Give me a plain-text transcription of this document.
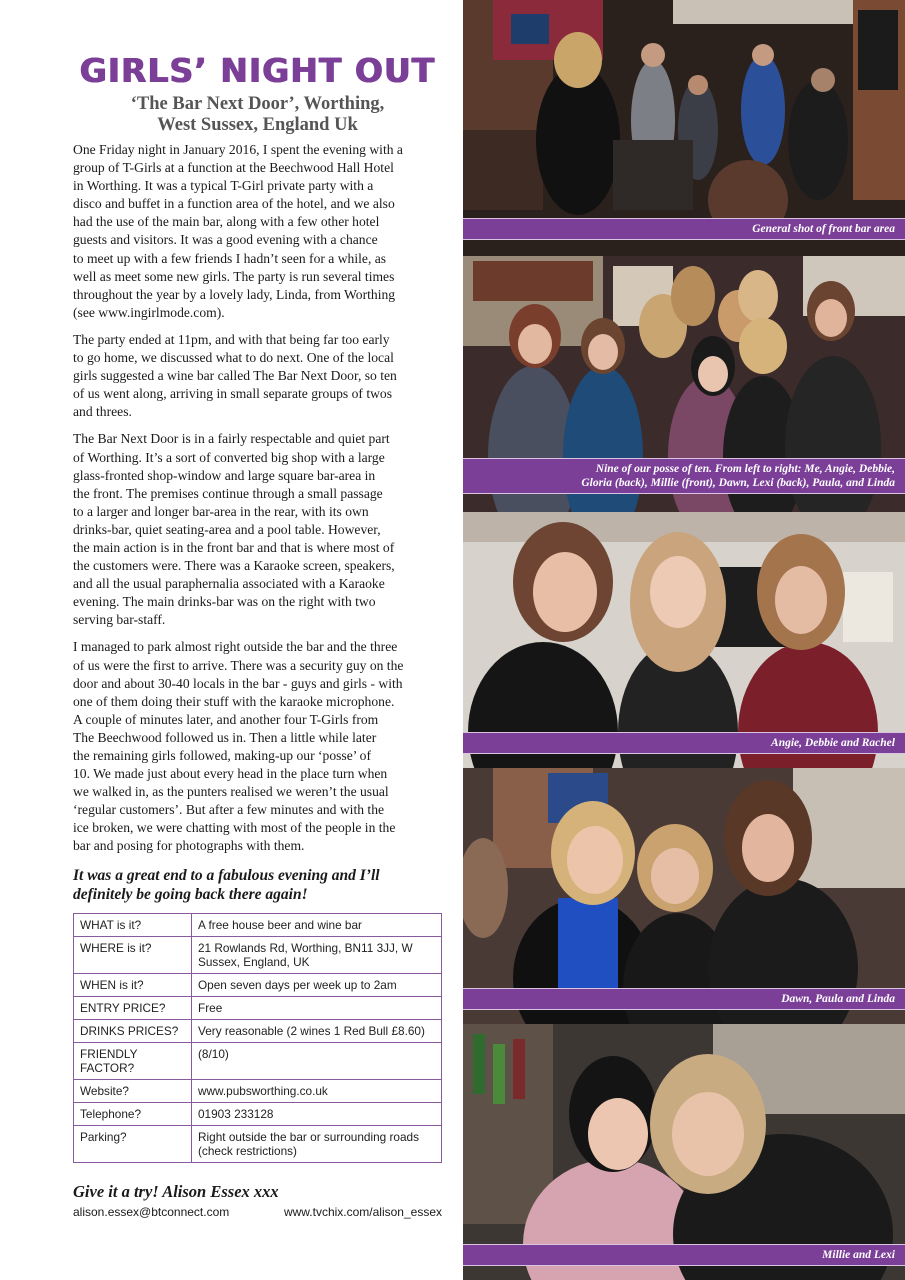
GIRLS’ NIGHT OUT
‘The Bar Next Door’, Worthing,
West Sussex, England Uk

One Friday night in January 2016, I spent the evening with a
group of T-Girls at a function at the Beechwood Hall Hotel
in Worthing. It was a typical T-Girl private party with a
disco and buffet in a function area of the hotel, and we also
had the use of the main bar, along with a few other hotel
guests and visitors. It was a good evening with a chance
to meet up with a few friends I hadn’t seen for a while, as
well as meet some new girls. The party is run several times
throughout the year by a lovely lady, Linda, from Worthing
(see www.ingirlmode.com).

The party ended at 11pm, and with that being far too early
to go home, we discussed what to do next. One of the local
girls suggested a wine bar called The Bar Next Door, so ten
of us went along, arriving in small separate groups of twos
and threes.

The Bar Next Door is in a fairly respectable and quiet part
of Worthing. It’s a sort of converted big shop with a large
glass-fronted shop-window and large square bar-area in
the front. The premises continue through a small passage
to a larger and longer bar-area in the rear, with its own
drinks-bar, quiet seating-area and a pool table. However,
the main action is in the front bar and that is where most of
the customers were. There was a Karaoke screen, speakers,
and all the usual paraphernalia associated with a Karaoke
evening. The main drinks-bar was on the right with two
serving bar-staff.

I managed to park almost right outside the bar and the three
of us were the first to arrive. There was a security guy on the
door and about 30-40 locals in the bar - guys and girls - with
one of them doing their stuff with the karaoke microphone.
A couple of minutes later, and another four T-Girls from
The Beechwood followed us in. Then a little while later
the remaining girls followed, making-up our ‘posse’ of
10. We made just about every head in the place turn when
we walked in, as the punters realised we weren’t the usual
‘regular customers’. But after a few minutes and with the
ice broken, we were chatting with most of the people in the
bar and posing for photographs with them.

It was a great end to a fabulous evening and I’ll
definitely be going back there again!
WHAT is it?	A free house beer and wine bar
WHERE is it?	21 Rowlands Rd, Worthing, BN11 3JJ, W Sussex, England, UK
WHEN is it?	Open seven days per week up to 2am
ENTRY PRICE?	Free
DRINKS PRICES?	Very reasonable (2 wines 1 Red Bull £8.60)
FRIENDLY FACTOR?	(8/10)
Website?	www.pubsworthing.co.uk
Telephone?	01903 233128
Parking?	Right outside the bar or surrounding roads (check restrictions)
Give it a try! Alison Essex xxx
alison.essex@btconnect.com	www.tvchix.com/alison_essex
General shot of front bar area
Nine of our posse of ten. From left to right: Me, Angie, Debbie,
Gloria (back), Millie (front), Dawn, Lexi (back), Paula, and Linda
Angie, Debbie and Rachel
Dawn, Paula and Linda
Millie and Lexi
